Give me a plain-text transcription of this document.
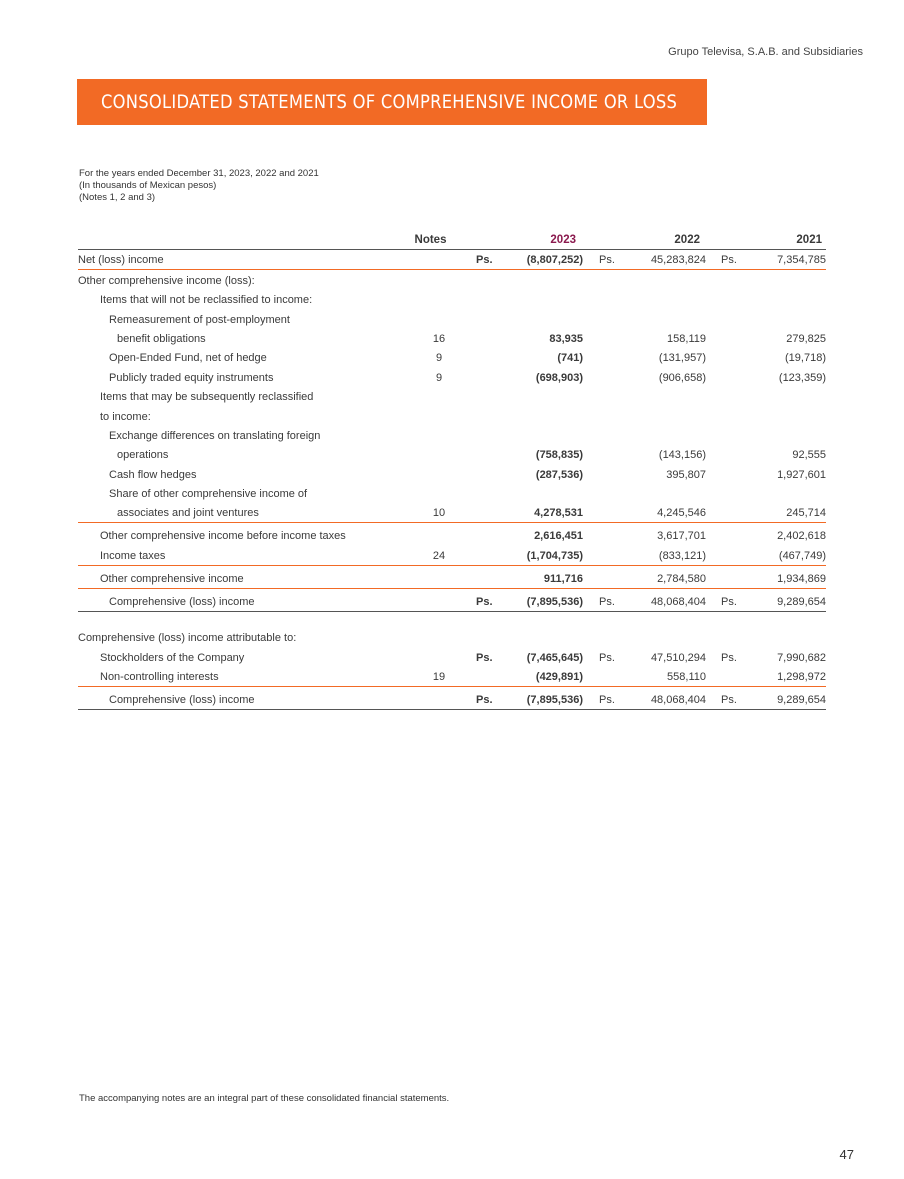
Grupo Televisa, S.A.B. and Subsidiaries
CONSOLIDATED STATEMENTS OF COMPREHENSIVE INCOME OR LOSS
For the years ended December 31, 2023, 2022 and 2021
(In thousands of Mexican pesos)
(Notes 1, 2 and 3)
Notes	2023	2022	2021
Net (loss) income	Ps.	(8,807,252) Ps.	45,283,824 Ps.	7,354,785
Other comprehensive income (loss):
Items that will not be reclassified to income:
Remeasurement of post-employment
benefit obligations	16	83,935	158,119	279,825
Open-Ended Fund, net of hedge	9	(741)	(131,957)	(19,718)
Publicly traded equity instruments	9	(698,903)	(906,658)	(123,359)
Items that may be subsequently reclassified
to income:
Exchange differences on translating foreign
operations	(758,835)	(143,156)	92,555
Cash flow hedges	(287,536)	395,807	1,927,601
Share of other comprehensive income of
associates and joint ventures	10	4,278,531	4,245,546	245,714
Other comprehensive income before income taxes	2,616,451	3,617,701	2,402,618
Income taxes	24	(1,704,735)	(833,121)	(467,749)
Other comprehensive income	911,716	2,784,580	1,934,869
Comprehensive (loss) income	Ps.	(7,895,536) Ps.	48,068,404 Ps.	9,289,654
Comprehensive (loss) income attributable to:
Stockholders of the Company	Ps.	(7,465,645) Ps.	47,510,294 Ps.	7,990,682
Non-controlling interests	19	(429,891)	558,110	1,298,972
Comprehensive (loss) income	Ps.	(7,895,536) Ps.	48,068,404 Ps.	9,289,654
The accompanying notes are an integral part of these consolidated financial statements.
47
